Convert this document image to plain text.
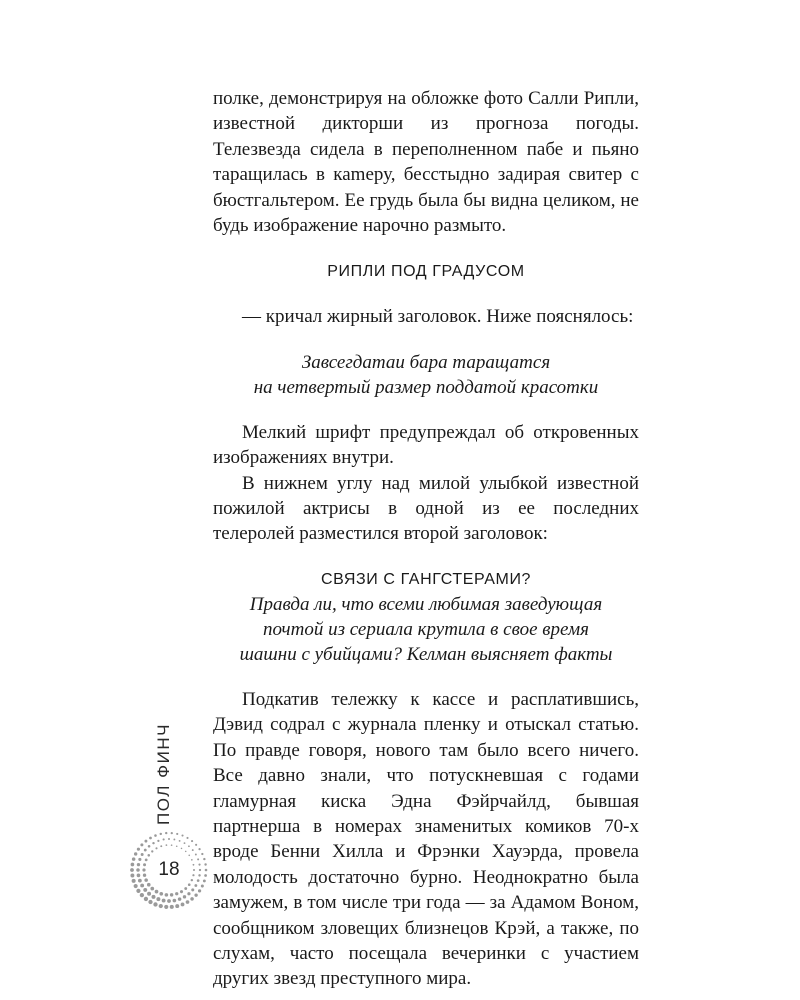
полке, демонстрируя на обложке фото Салли Рипли, известной дикторши из прогноза погоды. Телезвезда сидела в переполненном пабе и пьяно таращилась в каmеру, бесстыдно задирая свитер с бюстгальтером. Ее грудь была бы видна целиком, не будь изображение нарочно размыто.

РИПЛИ ПОД ГРАДУСОМ

— кричал жирный заголовок. Ниже пояснялось:

Завсегдатаи бара таращатся

на четвертый размер поддатой красотки

Мелкий шрифт предупреждал об откровенных изображениях внутри.

В нижнем углу над милой улыбкой известной пожилой актрисы в одной из ее последних телеролей разместился второй заголовок:

СВЯЗИ С ГАНГСТЕРАМИ?

Правда ли, что всеми любимая заведующая

почтой из сериала крутила в свое время

шашни с убийцами? Келман выясняет факты

Подкатив тележку к кассе и расплатившись, Дэвид содрал с журнала пленку и отыскал статью. По правде говоря, нового там было всего ничего. Все давно знали, что потускневшая с годами гламурная киска Эдна Фэйрчайлд, бывшая партнерша в номерах знаменитых комиков 70-х вроде Бенни Хилла и Фрэнки Хауэрда, провела молодость достаточно бурно. Неоднократно была замужем, в том числе три года — за Адамом Воном, сообщником зловещих близнецов Крэй, а также, по слухам, часто посещала вечеринки с участием других звезд преступного мира.

ПОЛ ФИНЧ
18
